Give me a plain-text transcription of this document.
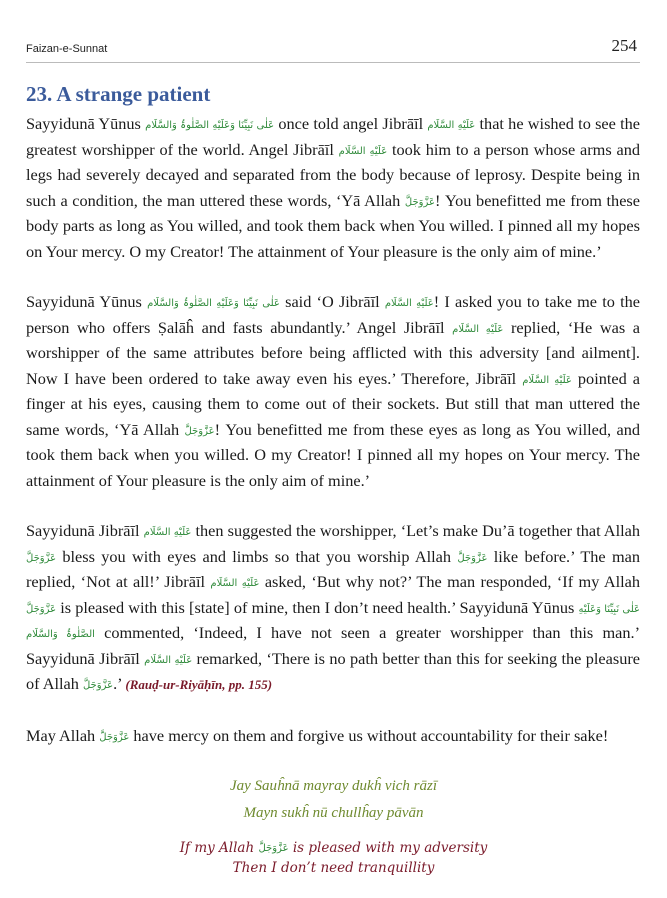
Faizan-e-Sunnat	254
23. A strange patient

Sayyidunā Yūnus عَلٰی نَبِیِّنَا وَعَلَیْهِ الصَّلٰوۃُ وَالسَّلَام once told angel Jibrāīl عَلَيْهِ السَّلَام that he wished to see the greatest worshipper of the world. Angel Jibrāīl عَلَيْهِ السَّلَام took him to a person whose arms and legs had severely decayed and separated from the body because of leprosy. Despite being in such a condition, the man uttered these words, ‘Yā Allah عَزَّوَجَلَّ! You benefitted me from these body parts as long as You willed, and took them back when You willed. I pinned all my hopes on Your mercy. O my Creator! The attainment of Your pleasure is the only aim of mine.’

Sayyidunā Yūnus عَلٰی نَبِیِّنَا وَعَلَیْهِ الصَّلٰوۃُ وَالسَّلَام said ‘O Jibrāīl عَلَيْهِ السَّلَام! I asked you to take me to the person who offers Ṣalāĥ and fasts abundantly.’ Angel Jibrāīl عَلَيْهِ السَّلَام replied, ‘He was a worshipper of the same attributes before being afflicted with this adversity [and ailment]. Now I have been ordered to take away even his eyes.’ Therefore, Jibrāīl عَلَيْهِ السَّلَام pointed a finger at his eyes, causing them to come out of their sockets. But still that man uttered the same words, ‘Yā Allah عَزَّوَجَلَّ! You benefitted me from these eyes as long as You willed, and took them back when you willed. O my Creator! I pinned all my hopes on Your mercy. The attainment of Your pleasure is the only aim of mine.’

Sayyidunā Jibrāīl عَلَيْهِ السَّلَام then suggested the worshipper, ‘Let’s make Du’ā together that Allah عَزَّوَجَلَّ bless you with eyes and limbs so that you worship Allah عَزَّوَجَلَّ like before.’ The man replied, ‘Not at all!’ Jibrāīl عَلَيْهِ السَّلَام asked, ‘But why not?’ The man responded, ‘If my Allah عَزَّوَجَلَّ is pleased with this [state] of mine, then I don’t need health.’ Sayyidunā Yūnus عَلٰی نَبِیِّنَا وَعَلَیْهِ الصَّلٰوۃُ وَالسَّلَام commented, ‘Indeed, I have not seen a greater worshipper than this man.’ Sayyidunā Jibrāīl عَلَيْهِ السَّلَام remarked, ‘There is no path better than this for seeking the pleasure of Allah عَزَّوَجَلَّ.’ (Rauḍ-ur-Riyāḥīn, pp. 155)

May Allah عَزَّوَجَلَّ have mercy on them and forgive us without accountability for their sake!

Jay Sauĥnā mayray dukĥ vich rāzī
Mayn sukĥ nū chullĥay pāvān
If my Allah عَزَّوَجَلَّ is pleased with my adversity
Then I don’t need tranquillity
